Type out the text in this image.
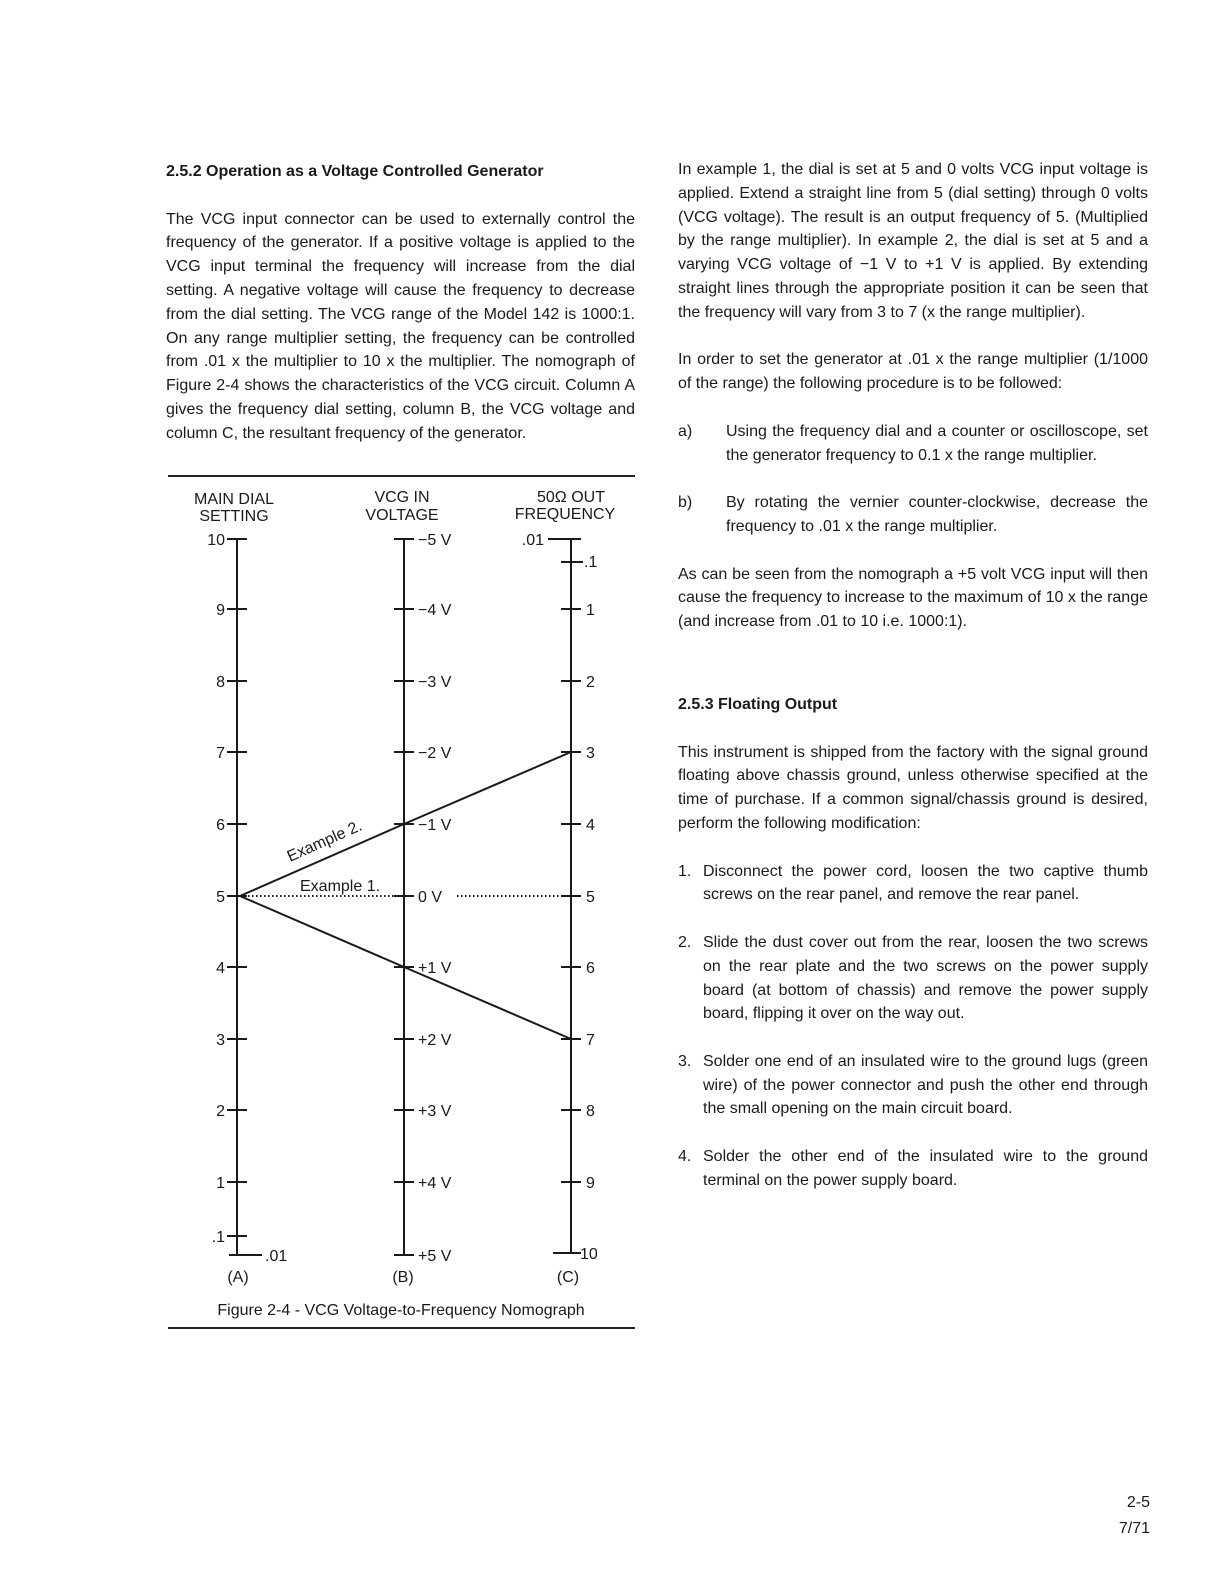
2.5.2 Operation as a Voltage Controlled Generator

The VCG input connector can be used to externally control the frequency of the generator. If a positive voltage is applied to the VCG input terminal the frequency will increase from the dial setting. A negative voltage will cause the frequency to decrease from the dial setting. The VCG range of the Model 142 is 1000:1. On any range multiplier setting, the frequency can be controlled from .01 x the multiplier to 10 x the multiplier. The nomograph of Figure 2-4 shows the characteristics of the VCG circuit. Column A gives the frequency dial setting, column B, the VCG voltage and column C, the resultant frequency of the generator.

MAIN DIAL
SETTING
VCG IN
VOLTAGE
50Ω OUT
FREQUENCY
10
9
8
7
6
5
4
3
2
1
.1
.01
−5 V
−4 V
−3 V
−2 V
−1 V
0 V
+1 V
+2 V
+3 V
+4 V
+5 V
.01
.1
1
2
3
4
5
6
7
8
9
10
Example 1.
Example 2.
(A)	(B)	(C)
Figure 2-4 - VCG Voltage-to-Frequency Nomograph

In example 1, the dial is set at 5 and 0 volts VCG input voltage is applied. Extend a straight line from 5 (dial setting) through 0 volts (VCG voltage). The result is an output frequency of 5. (Multiplied by the range multiplier). In example 2, the dial is set at 5 and a varying VCG voltage of −1 V to +1 V is applied. By extending straight lines through the appropriate position it can be seen that the frequency will vary from 3 to 7 (x the range multiplier).

In order to set the generator at .01 x the range multiplier (1/1000 of the range) the following procedure is to be followed:

a)	Using the frequency dial and a counter or oscilloscope, set the generator frequency to 0.1 x the range multiplier.
b)	By rotating the vernier counter-clockwise, decrease the frequency to .01 x the range multiplier.

As can be seen from the nomograph a +5 volt VCG input will then cause the frequency to increase to the maximum of 10 x the range (and increase from .01 to 10 i.e. 1000:1).

2.5.3 Floating Output

This instrument is shipped from the factory with the signal ground floating above chassis ground, unless otherwise specified at the time of purchase. If a common signal/chassis ground is desired, perform the following modification:

1. Disconnect the power cord, loosen the two captive thumb screws on the rear panel, and remove the rear panel.
2. Slide the dust cover out from the rear, loosen the two screws on the rear plate and the two screws on the power supply board (at bottom of chassis) and remove the power supply board, flipping it over on the way out.
3. Solder one end of an insulated wire to the ground lugs (green wire) of the power connector and push the other end through the small opening on the main circuit board.
4. Solder the other end of the insulated wire to the ground terminal on the power supply board.
2-5
7/71
